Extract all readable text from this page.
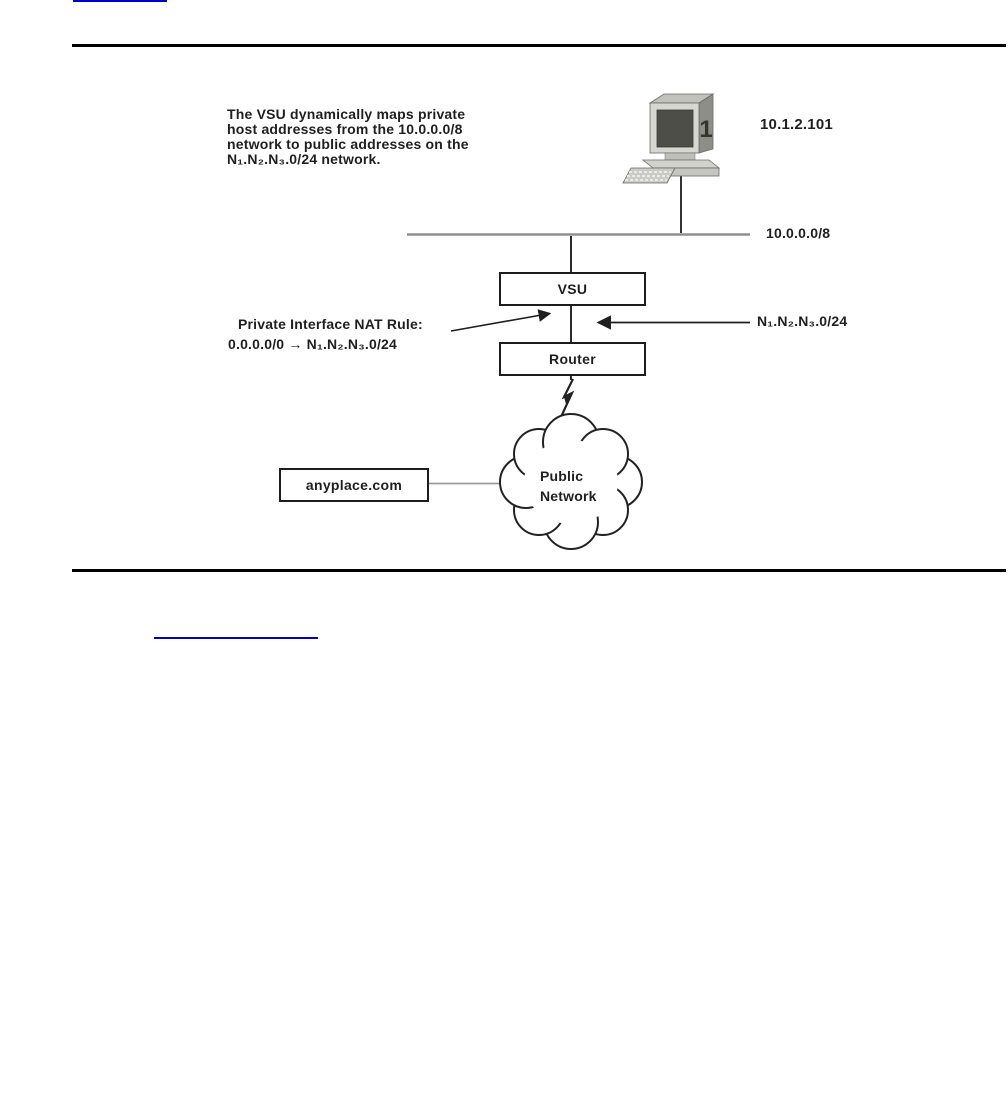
1
The VSU dynamically maps private
host addresses from the 10.0.0.0/8
network to public addresses on the
N₁.N₂.N₃.0/24 network.
10.1.2.101
10.0.0.0/8
VSU
Router
Private Interface NAT Rule:
0.0.0.0/0 → N₁.N₂.N₃.0/24
N₁.N₂.N₃.0/24
anyplace.com
Public
Network
